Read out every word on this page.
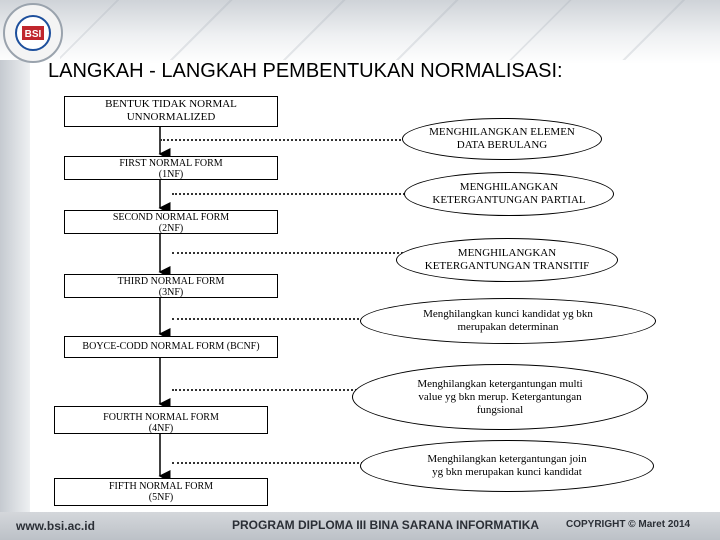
BSI
LANGKAH - LANGKAH PEMBENTUKAN NORMALISASI:
BENTUK TIDAK NORMAL
UNNORMALIZED
FIRST NORMAL FORM
(1NF)
SECOND NORMAL FORM
(2NF)
THIRD NORMAL FORM
(3NF)
BOYCE-CODD NORMAL FORM (BCNF)
FOURTH NORMAL FORM
(4NF)
FIFTH NORMAL FORM
(5NF)
MENGHILANGKAN ELEMEN
DATA BERULANG
MENGHILANGKAN
KETERGANTUNGAN PARTIAL
MENGHILANGKAN
KETERGANTUNGAN TRANSITIF
Menghilangkan kunci kandidat yg bkn
merupakan determinan
Menghilangkan ketergantungan multi
value yg bkn merup. Ketergantungan
fungsional
Menghilangkan ketergantungan join
yg bkn merupakan kunci kandidat
www.bsi.ac.id	PROGRAM DIPLOMA III BINA SARANA INFORMATIKA	COPYRIGHT © Maret 2014
